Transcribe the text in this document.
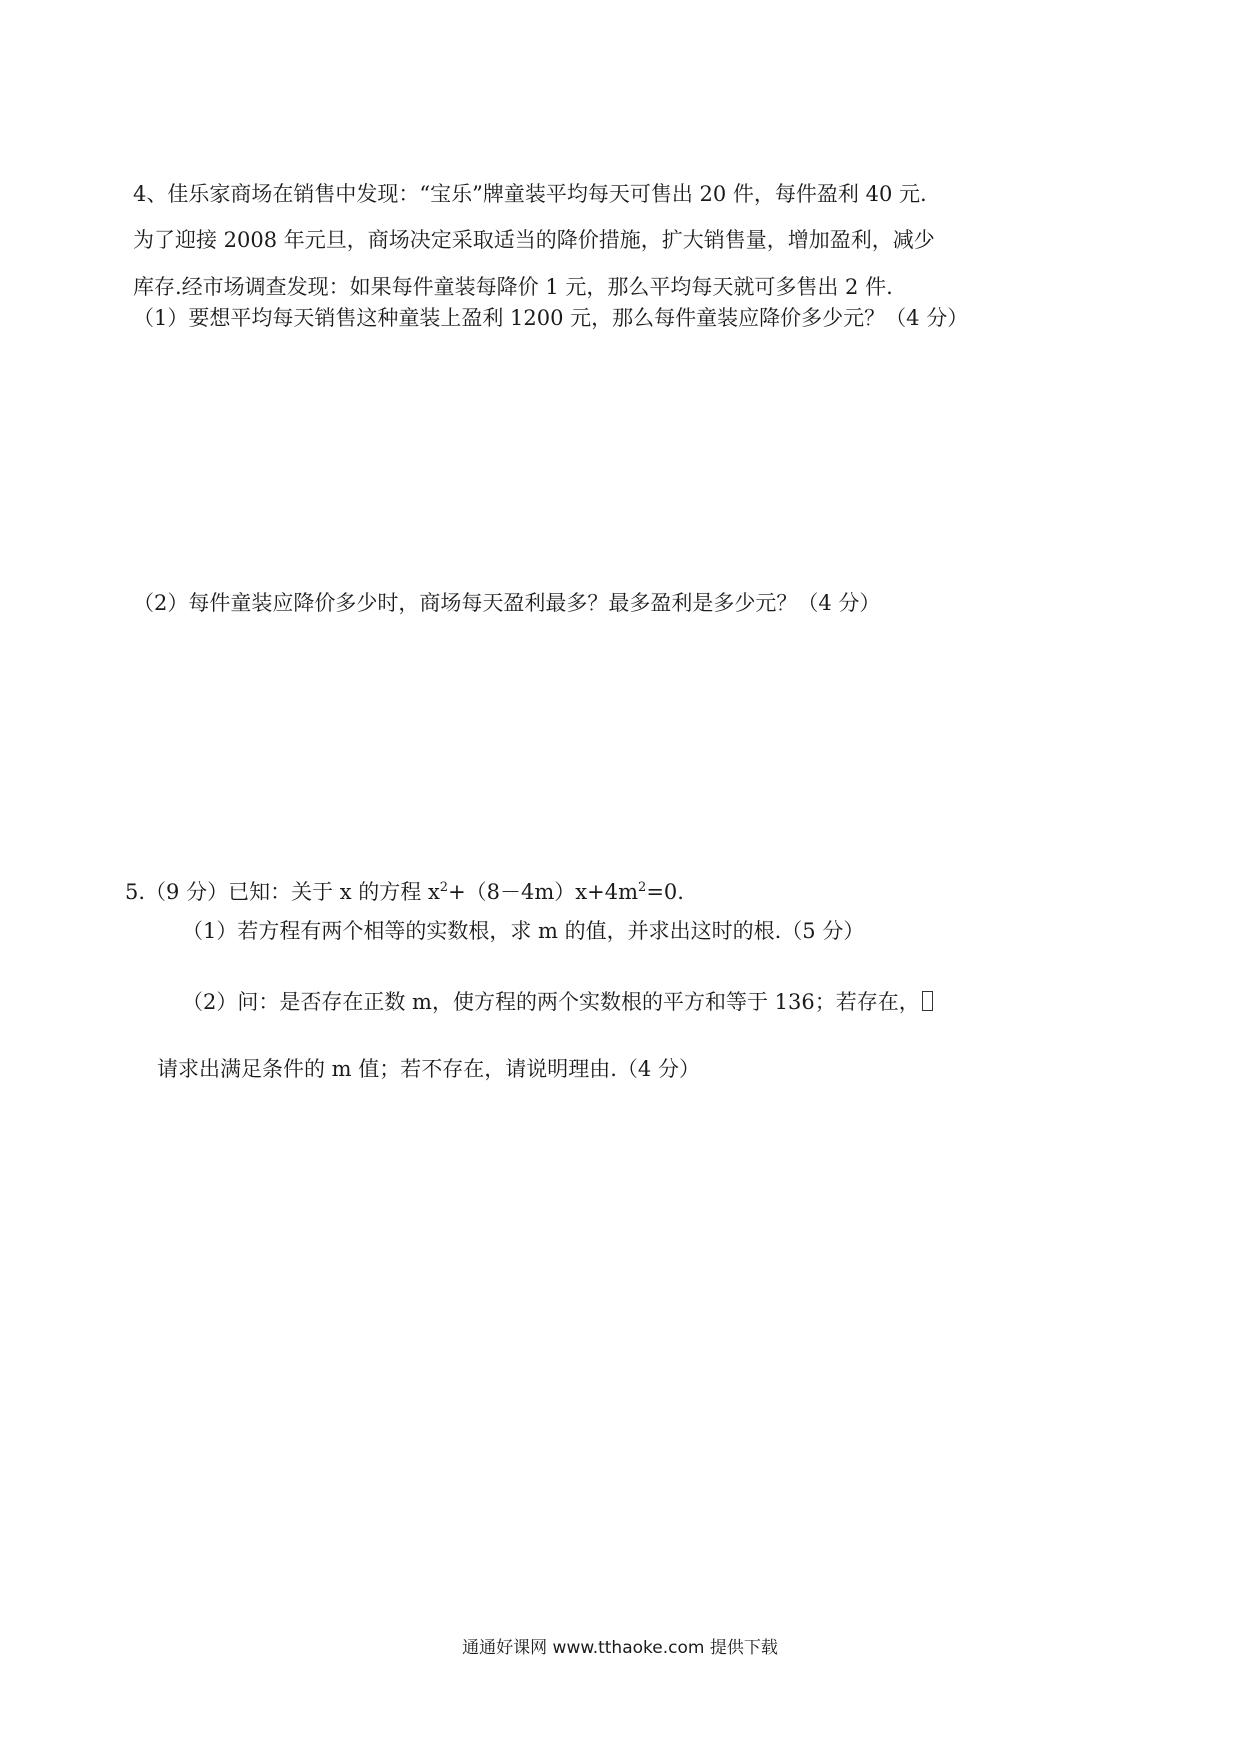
4、佳乐家商场在销售中发现：“宝乐”牌童装平均每天可售出 20 件，每件盈利 40 元.
为了迎接 2008 年元旦，商场决定采取适当的降价措施，扩大销售量，增加盈利，减少
库存.经市场调查发现：如果每件童装每降价 1 元，那么平均每天就可多售出 2 件.
（1）要想平均每天销售这种童装上盈利 1200 元，那么每件童装应降价多少元？（4 分）
（2）每件童装应降价多少时，商场每天盈利最多？最多盈利是多少元？（4 分）
5.（9 分）已知：关于 x 的方程 $x^2+(8-4m)x+4m^2=0$.
（1）若方程有两个相等的实数根，求 m 的值，并求出这时的根.（5 分）
（2）问：是否存在正数 m，使方程的两个实数根的平方和等于 136；若存在，
请求出满足条件的 m 值；若不存在，请说明理由.（4 分）
通通好课网 www.tthaoke.com 提供下载
